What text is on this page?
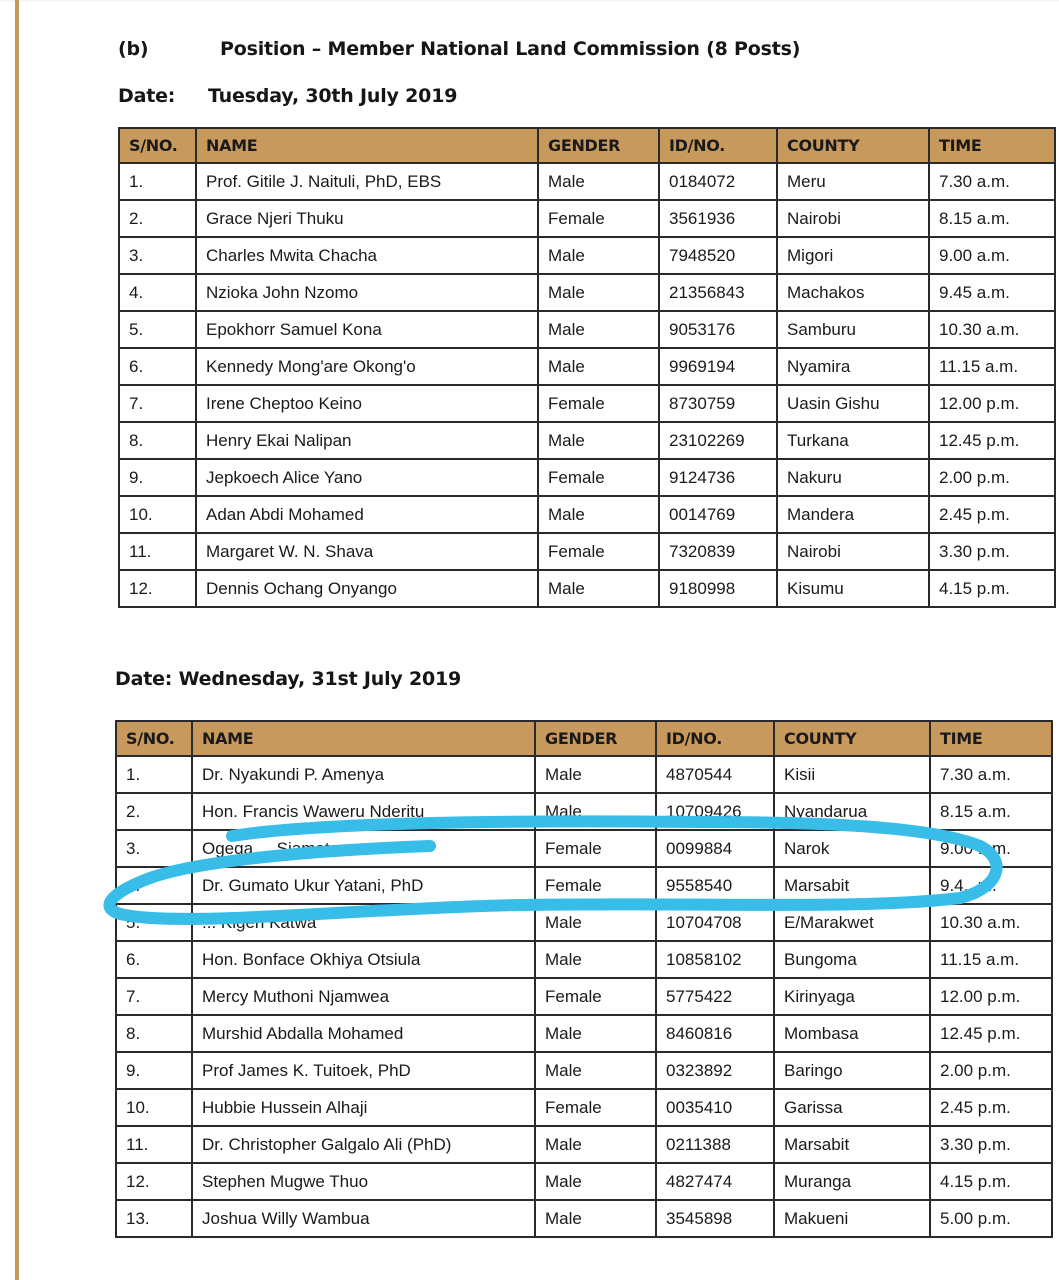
(b)	Position – Member National Land Commission (8 Posts)
Date: Tuesday, 30th July 2019
S/NO.	NAME	GENDER	ID/NO.	COUNTY	TIME
1.	Prof. Gitile J. Naituli, PhD, EBS	Male	0184072	Meru	7.30 a.m.
2.	Grace Njeri Thuku	Female	3561936	Nairobi	8.15 a.m.
3.	Charles Mwita Chacha	Male	7948520	Migori	9.00 a.m.
4.	Nzioka John Nzomo	Male	21356843	Machakos	9.45 a.m.
5.	Epokhorr Samuel Kona	Male	9053176	Samburu	10.30 a.m.
6.	Kennedy Mong'are Okong'o	Male	9969194	Nyamira	11.15 a.m.
7.	Irene Cheptoo Keino	Female	8730759	Uasin Gishu	12.00 p.m.
8.	Henry Ekai Nalipan	Male	23102269	Turkana	12.45 p.m.
9.	Jepkoech Alice Yano	Female	9124736	Nakuru	2.00 p.m.
10.	Adan Abdi Mohamed	Male	0014769	Mandera	2.45 p.m.
11.	Margaret W. N. Shava	Female	7320839	Nairobi	3.30 p.m.
12.	Dennis Ochang Onyango	Male	9180998	Kisumu	4.15 p.m.
Date: Wednesday, 31st July 2019
S/NO.	NAME	GENDER	ID/NO.	COUNTY	TIME
1.	Dr. Nyakundi P. Amenya	Male	4870544	Kisii	7.30 a.m.
2.	Hon. Francis Waweru Nderitu	Male	10709426	Nyandarua	8.15 a.m.
3.	Ogega ... Siameto	Female	0099884	Narok	9.00 ...m.
4.	Dr. Gumato Ukur Yatani, PhD	Female	9558540	Marsabit	9.4...m.
5.	... Kigen Katwa	Male	10704708	E/Marakwet	10.30 a.m.
6.	Hon. Bonface Okhiya Otsiula	Male	10858102	Bungoma	11.15 a.m.
7.	Mercy Muthoni Njamwea	Female	5775422	Kirinyaga	12.00 p.m.
8.	Murshid Abdalla Mohamed	Male	8460816	Mombasa	12.45 p.m.
9.	Prof James K. Tuitoek, PhD	Male	0323892	Baringo	2.00 p.m.
10.	Hubbie Hussein Alhaji	Female	0035410	Garissa	2.45 p.m.
11.	Dr. Christopher Galgalo Ali (PhD)	Male	0211388	Marsabit	3.30 p.m.
12.	Stephen Mugwe Thuo	Male	4827474	Muranga	4.15 p.m.
13.	Joshua Willy Wambua	Male	3545898	Makueni	5.00 p.m.
